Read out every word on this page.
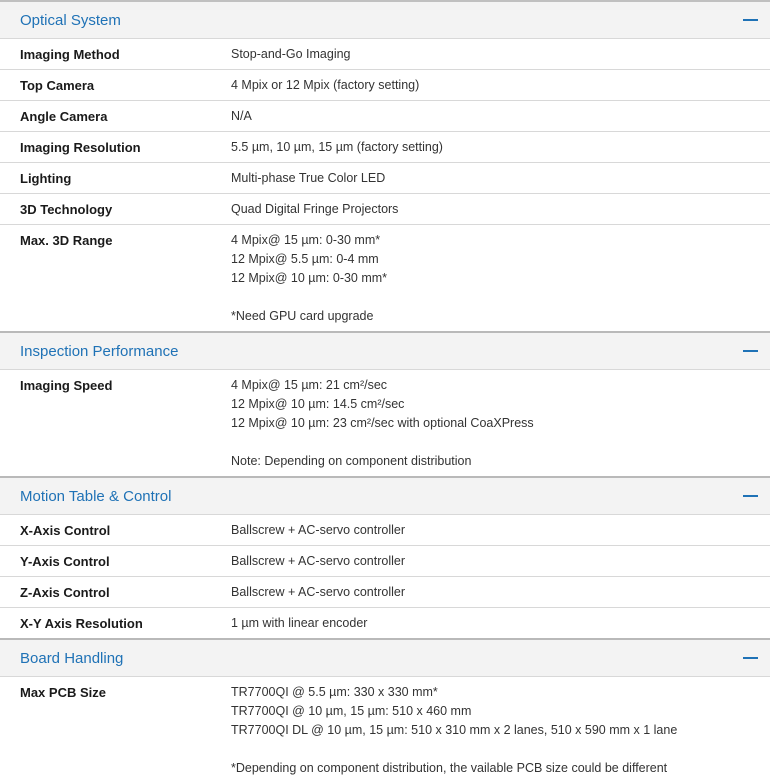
Optical System
Imaging Method	Stop-and-Go Imaging
Top Camera	4 Mpix or 12 Mpix (factory setting)
Angle Camera	N/A
Imaging Resolution	5.5 µm, 10 µm, 15 µm (factory setting)
Lighting	Multi-phase True Color LED
3D Technology	Quad Digital Fringe Projectors
Max. 3D Range	4 Mpix@ 15 µm: 0-30 mm*
12 Mpix@ 5.5 µm: 0-4 mm
12 Mpix@ 10 µm: 0-30 mm*
*Need GPU card upgrade
Inspection Performance
Imaging Speed	4 Mpix@ 15 µm: 21 cm²/sec
12 Mpix@ 10 µm: 14.5 cm²/sec
12 Mpix@ 10 µm: 23 cm²/sec with optional CoaXPress
Note: Depending on component distribution
Motion Table & Control
X-Axis Control	Ballscrew + AC-servo controller
Y-Axis Control	Ballscrew + AC-servo controller
Z-Axis Control	Ballscrew + AC-servo controller
X-Y Axis Resolution	1 µm with linear encoder
Board Handling
Max PCB Size	TR7700QI @ 5.5 µm: 330 x 330 mm*
TR7700QI @ 10 µm, 15 µm: 510 x 460 mm
TR7700QI DL @ 10 µm, 15 µm: 510 x 310 mm x 2 lanes, 510 x 590 mm x 1 lane
*Depending on component distribution, the vailable PCB size could be different
